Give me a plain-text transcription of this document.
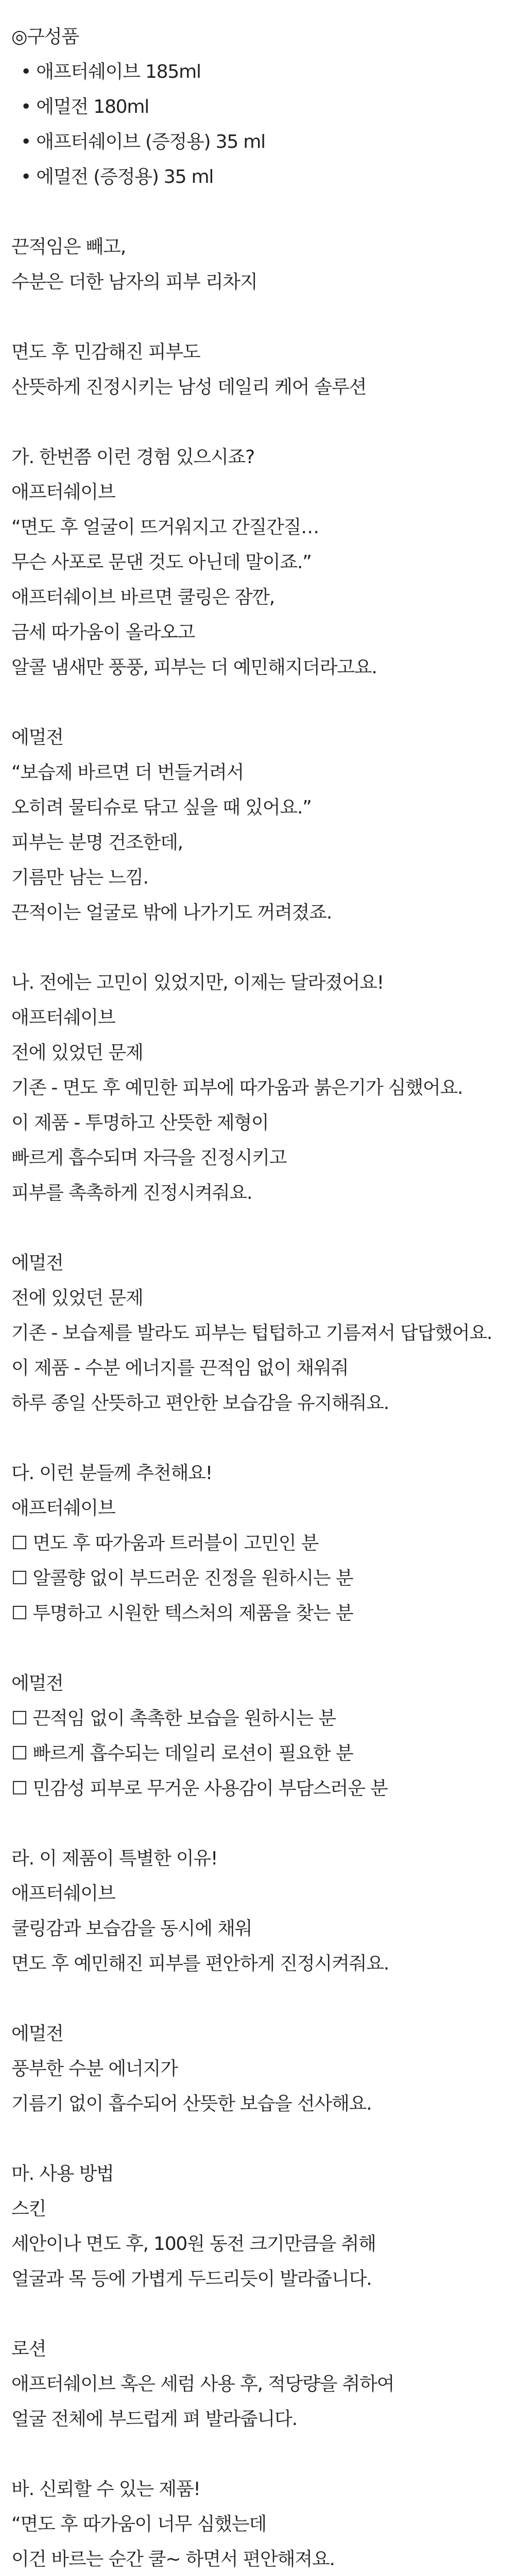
◎구성품
• 애프터쉐이브 185ml
• 에멀전 180ml
• 애프터쉐이브 (증정용) 35 ml
• 에멀전 (증정용) 35 ml
끈적임은 빼고,
수분은 더한 남자의 피부 리차지
면도 후 민감해진 피부도
산뜻하게 진정시키는 남성 데일리 케어 솔루션
가. 한번쯤 이런 경험 있으시죠?
애프터쉐이브
“면도 후 얼굴이 뜨거워지고 간질간질…
무슨 사포로 문댄 것도 아닌데 말이죠.”
애프터쉐이브 바르면 쿨링은 잠깐,
금세 따가움이 올라오고
알콜 냄새만 풍풍, 피부는 더 예민해지더라고요.
에멀전
“보습제 바르면 더 번들거려서
오히려 물티슈로 닦고 싶을 때 있어요.”
피부는 분명 건조한데,
기름만 남는 느낌.
끈적이는 얼굴로 밖에 나가기도 꺼려졌죠.
나. 전에는 고민이 있었지만, 이제는 달라졌어요!
애프터쉐이브
전에 있었던 문제
기존 - 면도 후 예민한 피부에 따가움과 붉은기가 심했어요.
이 제품 - 투명하고 산뜻한 제형이
빠르게 흡수되며 자극을 진정시키고
피부를 촉촉하게 진정시켜줘요.
에멀전
전에 있었던 문제
기존 - 보습제를 발라도 피부는 텁텁하고 기름져서 답답했어요.
이 제품 - 수분 에너지를 끈적임 없이 채워줘
하루 종일 산뜻하고 편안한 보습감을 유지해줘요.
다. 이런 분들께 추천해요!
애프터쉐이브
☐ 면도 후 따가움과 트러블이 고민인 분
☐ 알콜향 없이 부드러운 진정을 원하시는 분
☐ 투명하고 시원한 텍스처의 제품을 찾는 분
에멀전
☐ 끈적임 없이 촉촉한 보습을 원하시는 분
☐ 빠르게 흡수되는 데일리 로션이 필요한 분
☐ 민감성 피부로 무거운 사용감이 부담스러운 분
라. 이 제품이 특별한 이유!
애프터쉐이브
쿨링감과 보습감을 동시에 채워
면도 후 예민해진 피부를 편안하게 진정시켜줘요.
에멀전
풍부한 수분 에너지가
기름기 없이 흡수되어 산뜻한 보습을 선사해요.
마. 사용 방법
스킨
세안이나 면도 후, 100원 동전 크기만큼을 취해
얼굴과 목 등에 가볍게 두드리듯이 발라줍니다.
로션
애프터쉐이브 혹은 세럼 사용 후, 적당량을 취하여
얼굴 전체에 부드럽게 펴 발라줍니다.
바. 신뢰할 수 있는 제품!
“면도 후 따가움이 너무 심했는데
이건 바르는 순간 쿨~ 하면서 편안해져요.
